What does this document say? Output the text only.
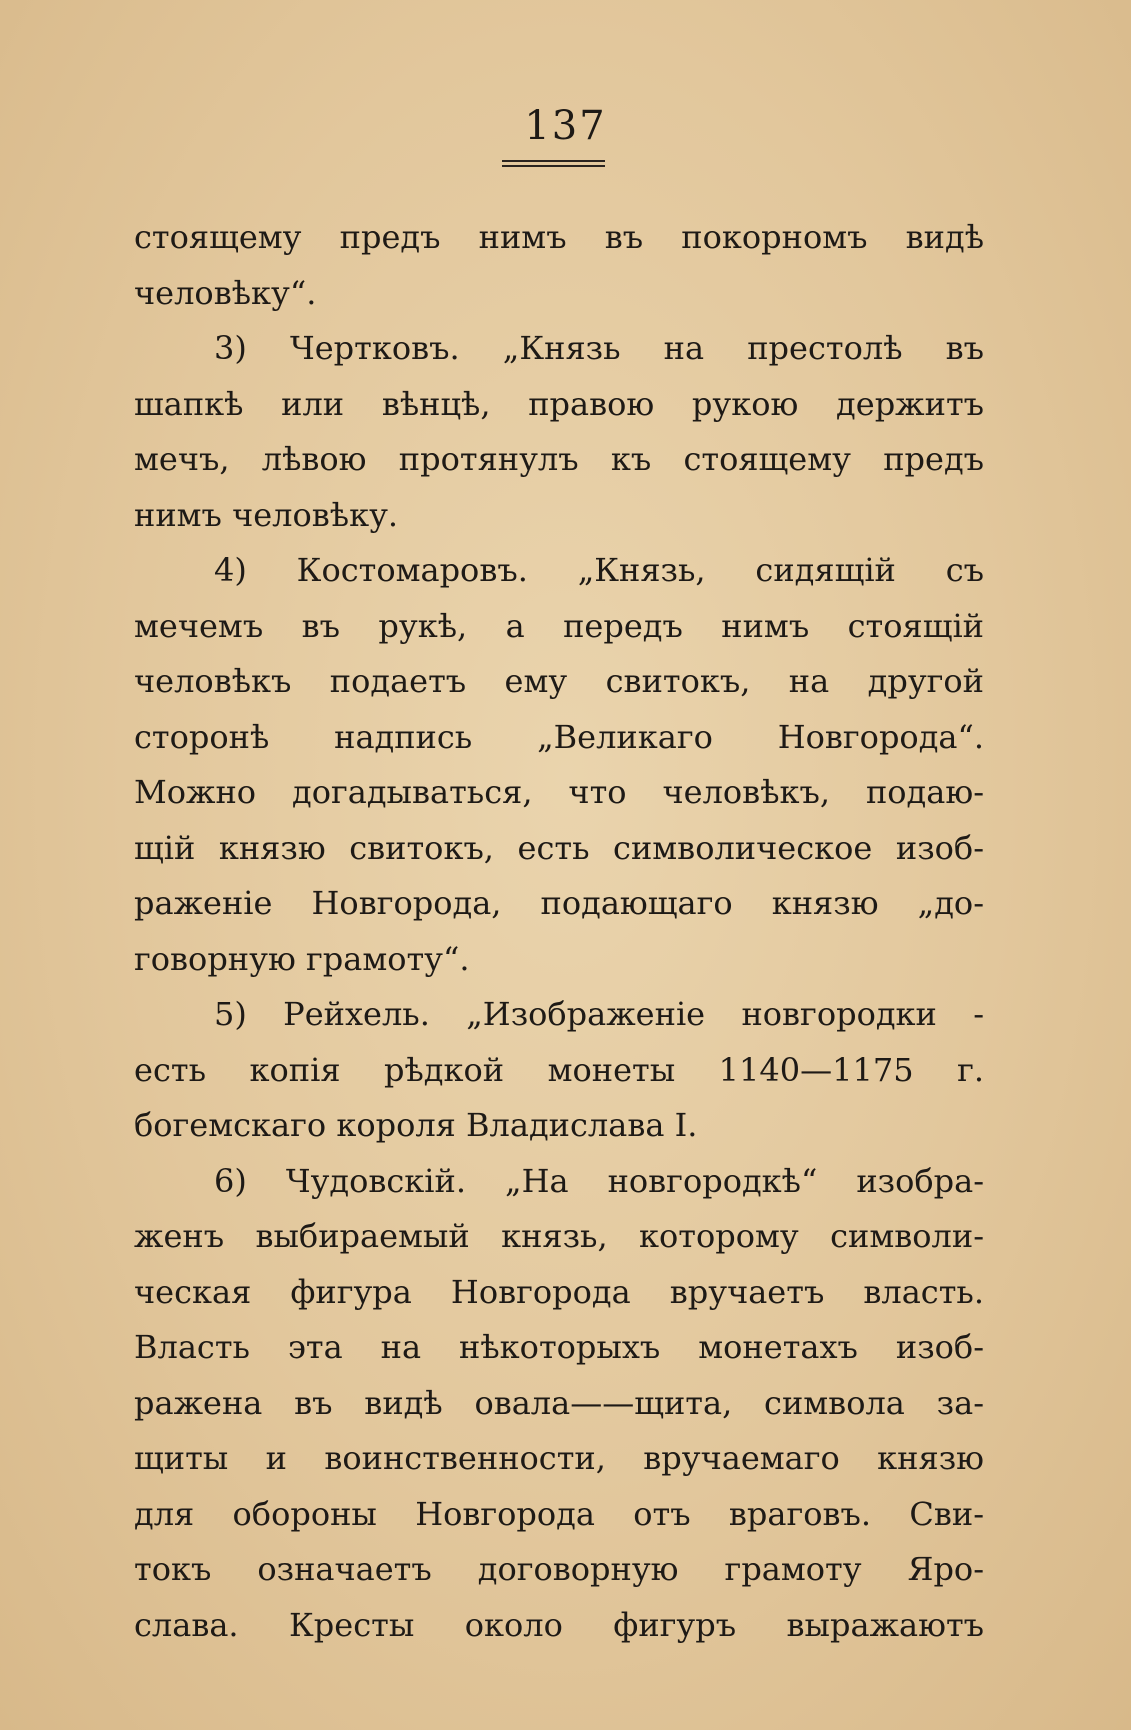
137
стоящему предъ нимъ въ покорномъ видѣ
человѣку“.
3) Чертковъ. „Князь на престолѣ въ
шапкѣ или вѣнцѣ, правою рукою держитъ
мечъ, лѣвою протянулъ къ стоящему предъ
нимъ человѣку.
4) Костомаровъ. „Князь, сидящій съ
мечемъ въ рукѣ, а передъ нимъ стоящій
человѣкъ подаетъ ему свитокъ, на другой
сторонѣ надпись „Великаго Новгорода“.
Можно догадываться, что человѣкъ, подаю-
щій князю свитокъ, есть символическое изоб-
раженіе Новгорода, подающаго князю „до-
говорную грамоту“.
5) Рейхель. „Изображеніе новгородки -
есть копія рѣдкой монеты 1140—1175 г.
богемскаго короля Владислава I.
6) Чудовскій. „На новгородкѣ“ изобра-
женъ выбираемый князь, которому символи-
ческая фигура Новгорода вручаетъ власть.
Власть эта на нѣкоторыхъ монетахъ изоб-
ражена въ видѣ овала——щита, символа за-
щиты и воинственности, вручаемаго князю
для обороны Новгорода отъ враговъ. Сви-
токъ означаетъ договорную грамоту Яро-
слава. Кресты около фигуръ выражаютъ
